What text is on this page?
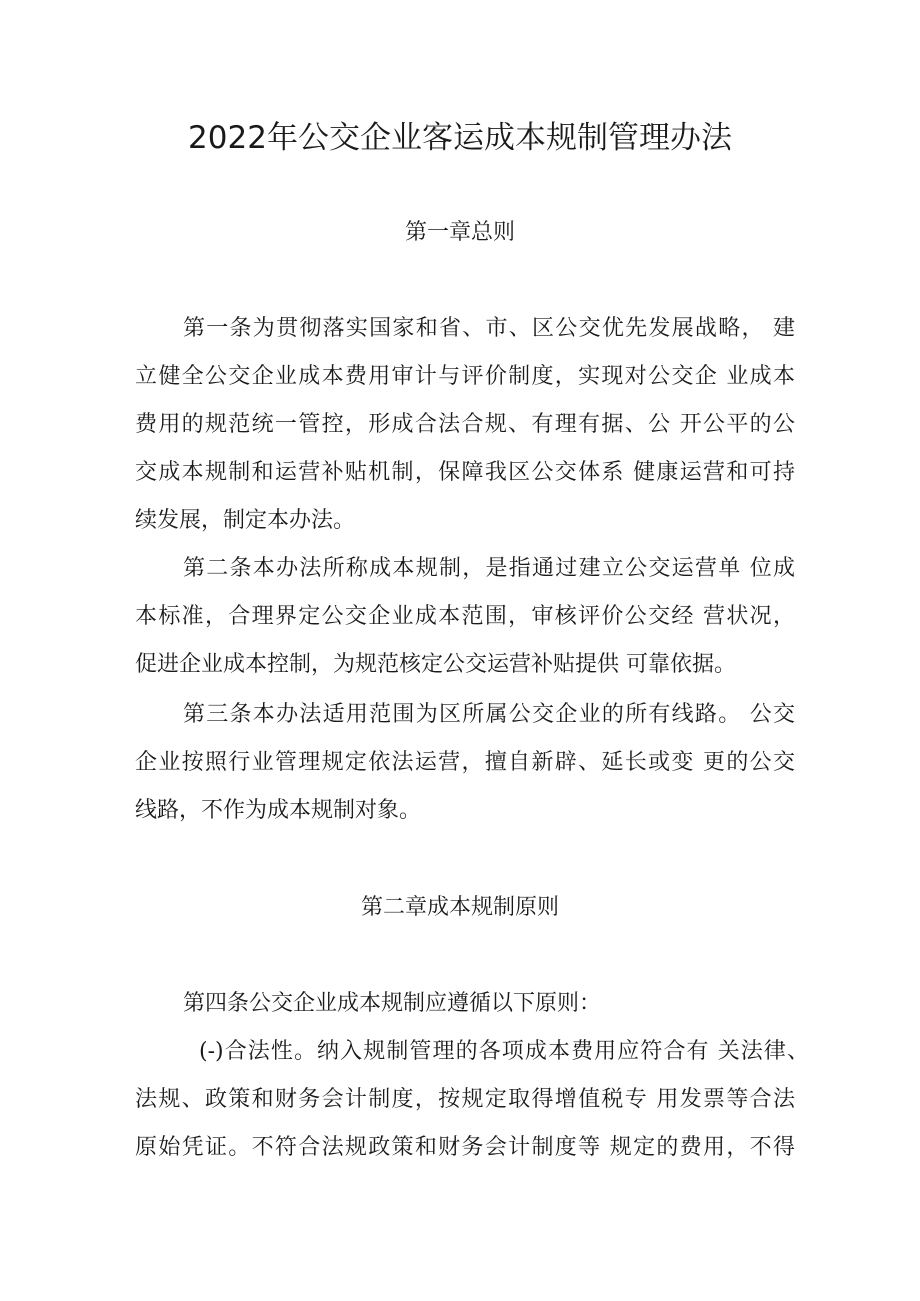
2022年公交企业客运成本规制管理办法
第一章总则
第一条为贯彻落实国家和省、市、区公交优先发展战略， 建
立健全公交企业成本费用审计与评价制度，实现对公交企 业成本
费用的规范统一管控，形成合法合规、有理有据、公 开公平的公
交成本规制和运营补贴机制，保障我区公交体系 健康运营和可持
续发展，制定本办法。
第二条本办法所称成本规制，是指通过建立公交运营单 位成
本标准，合理界定公交企业成本范围，审核评价公交经 营状况，
促进企业成本控制，为规范核定公交运营补贴提供 可靠依据。
第三条本办法适用范围为区所属公交企业的所有线路。 公交
企业按照行业管理规定依法运营，擅自新辟、延长或变 更的公交
线路，不作为成本规制对象。
第二章成本规制原则
第四条公交企业成本规制应遵循以下原则：
(-)合法性。纳入规制管理的各项成本费用应符合有 关法律、
法规、政策和财务会计制度，按规定取得增值税专 用发票等合法
原始凭证。不符合法规政策和财务会计制度等 规定的费用，不得
